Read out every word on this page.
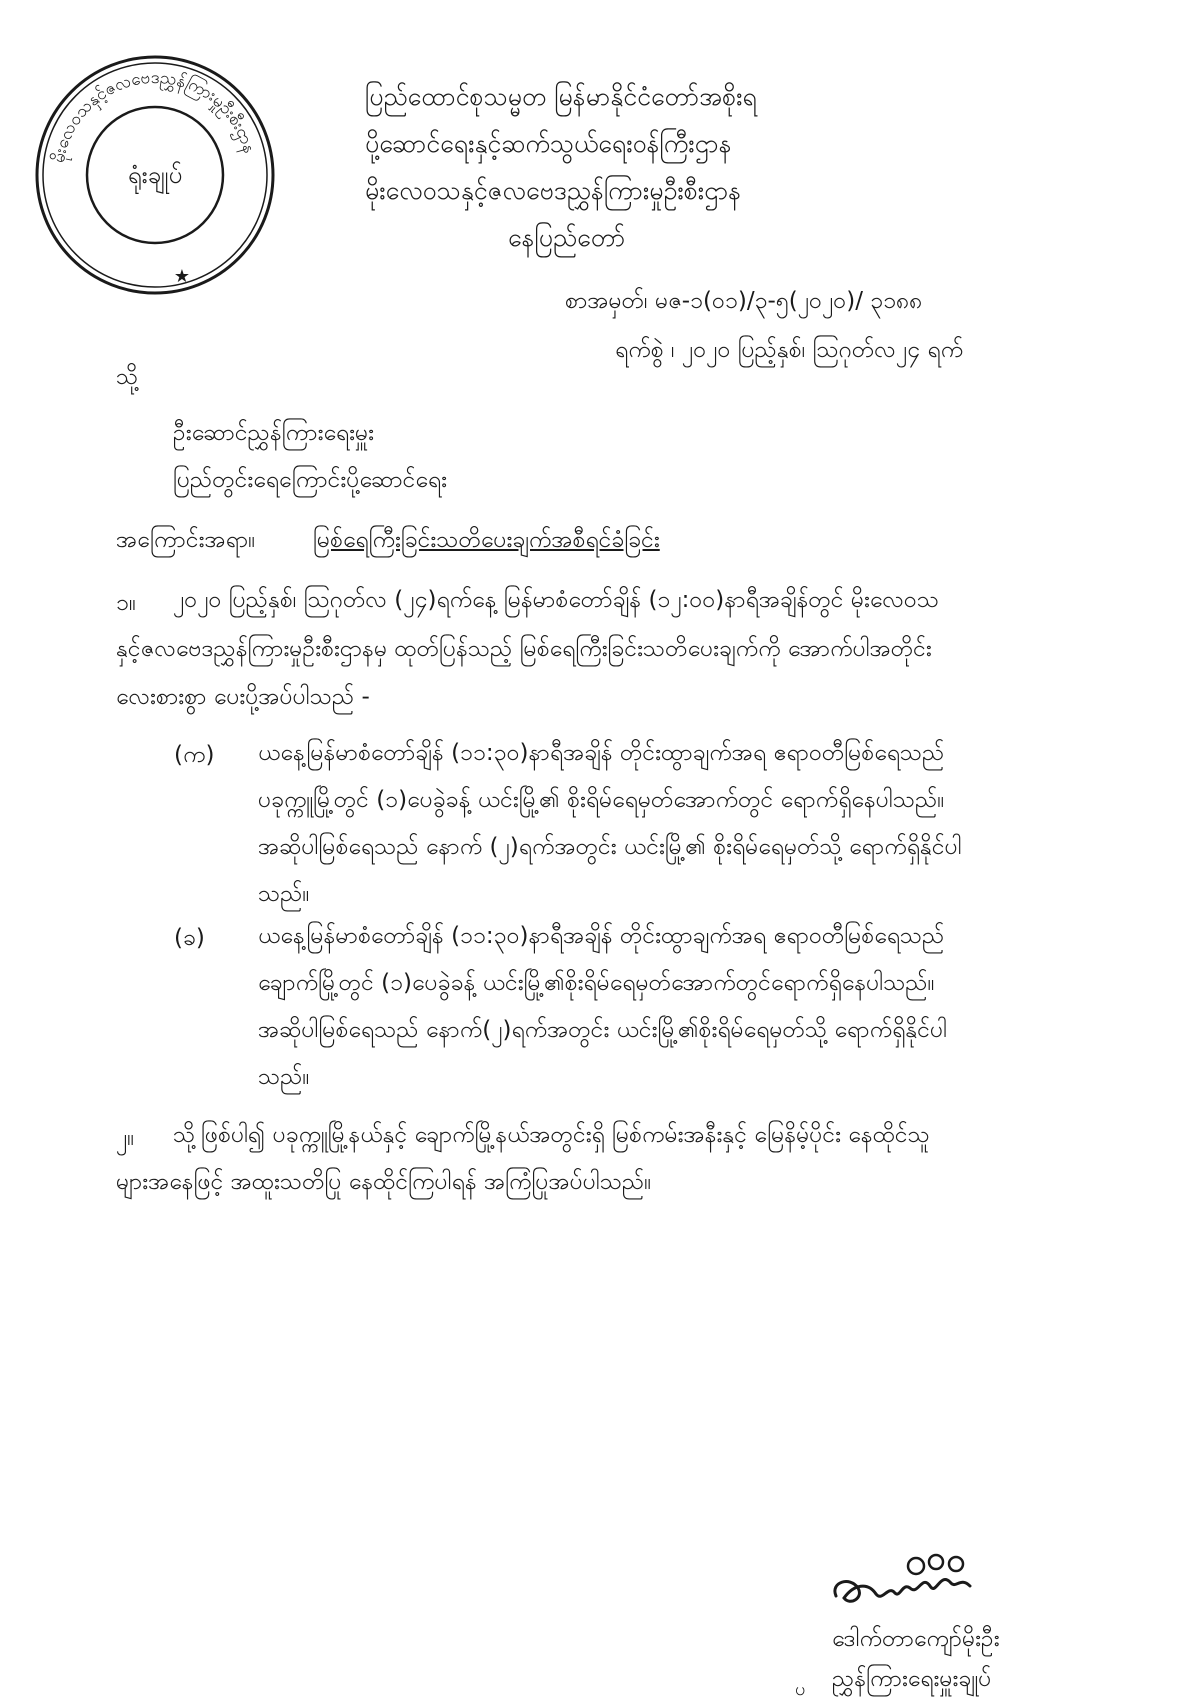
မိုးလေဝသနှင့်ဇလဗေဒညွှန်ကြားမှုဦးစီးဌာန
ရုံးချုပ်
★
ပြည်ထောင်စုသမ္မတ မြန်မာနိုင်ငံတော်အစိုးရ
ပို့ဆောင်ရေးနှင့်ဆက်သွယ်ရေးဝန်ကြီးဌာန
မိုးလေဝသနှင့်ဇလဗေဒညွှန်ကြားမှုဦးစီးဌာန
နေပြည်တော်
စာအမှတ်၊ မဇ-၁(၀၁)/၃-၅(၂၀၂၀)/ ၃၁၈၈
ရက်စွဲ ၊ ၂၀၂၀ ပြည့်နှစ်၊ ဩဂုတ်လ၂၄ ရက်
သို့
ဦးဆောင်ညွှန်ကြားရေးမှူး
ပြည်တွင်းရေကြောင်းပို့ဆောင်ရေး
အကြောင်းအရာ။	မြစ်ရေကြီးခြင်းသတိပေးချက်အစီရင်ခံခြင်း
၁။ ၂၀၂၀ ပြည့်နှစ်၊ ဩဂုတ်လ (၂၄)ရက်နေ့ မြန်မာစံတော်ချိန် (၁၂:၀၀)နာရီအချိန်တွင် မိုးလေဝသ
နှင့်ဇလဗေဒညွှန်ကြားမှုဦးစီးဌာနမှ ထုတ်ပြန်သည့် မြစ်ရေကြီးခြင်းသတိပေးချက်ကို အောက်ပါအတိုင်း
လေးစားစွာ ပေးပို့အပ်ပါသည် -
(က) ယနေ့မြန်မာစံတော်ချိန် (၁၁:၃၀)နာရီအချိန် တိုင်းထွာချက်အရ ဧရာဝတီမြစ်ရေသည်
ပခုက္ကူမြို့တွင် (၁)ပေခွဲခန့် ယင်းမြို့၏ စိုးရိမ်ရေမှတ်အောက်တွင် ရောက်ရှိနေပါသည်။
အဆိုပါမြစ်ရေသည် နောက် (၂)ရက်အတွင်း ယင်းမြို့၏ စိုးရိမ်ရေမှတ်သို့ ရောက်ရှိနိုင်ပါ
သည်။
(ခ) ယနေ့မြန်မာစံတော်ချိန် (၁၁:၃၀)နာရီအချိန် တိုင်းထွာချက်အရ ဧရာဝတီမြစ်ရေသည်
ချောက်မြို့တွင် (၁)ပေခွဲခန့် ယင်းမြို့၏စိုးရိမ်ရေမှတ်အောက်တွင်ရောက်ရှိနေပါသည်။
အဆိုပါမြစ်ရေသည် နောက်(၂)ရက်အတွင်း ယင်းမြို့၏စိုးရိမ်ရေမှတ်သို့ ရောက်ရှိနိုင်ပါ
သည်။
၂။ သို့ဖြစ်ပါ၍ ပခုက္ကူမြို့နယ်နှင့် ချောက်မြို့နယ်အတွင်းရှိ မြစ်ကမ်းအနီးနှင့် မြေနိမ့်ပိုင်း နေထိုင်သူ
များအနေဖြင့် အထူးသတိပြု နေထိုင်ကြပါရန် အကြံပြုအပ်ပါသည်။
ဒေါက်တာကျော်မိုးဦး
ညွှန်ကြားရေးမှူးချုပ်
ပ
